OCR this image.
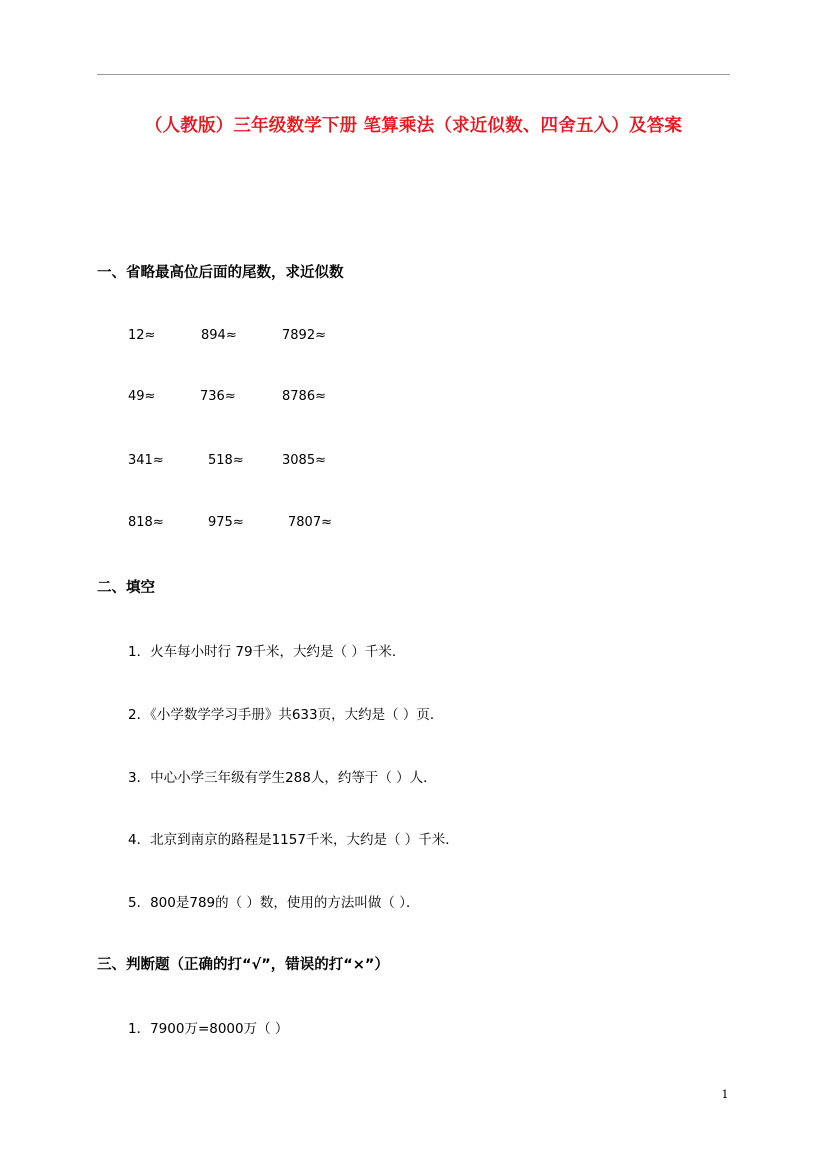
（人教版）三年级数学下册 笔算乘法（求近似数、四舍五入）及答案
一、省略最高位后面的尾数，求近似数
12≈	894≈	7892≈
49≈	736≈	8786≈
341≈	518≈	3085≈
818≈	975≈	7807≈
二、填空
1．火车每小时行 79千米，大约是（ ）千米．
2．《小学数学学习手册》共633页，大约是（ ）页．
3．中心小学三年级有学生288人，约等于（ ）人．
4．北京到南京的路程是1157千米，大约是（ ）千米．
5．800是789的（ ）数，使用的方法叫做（ ）．
三、判断题（正确的打“√”，错误的打“×”）
1．7900万=8000万（ ）
1
